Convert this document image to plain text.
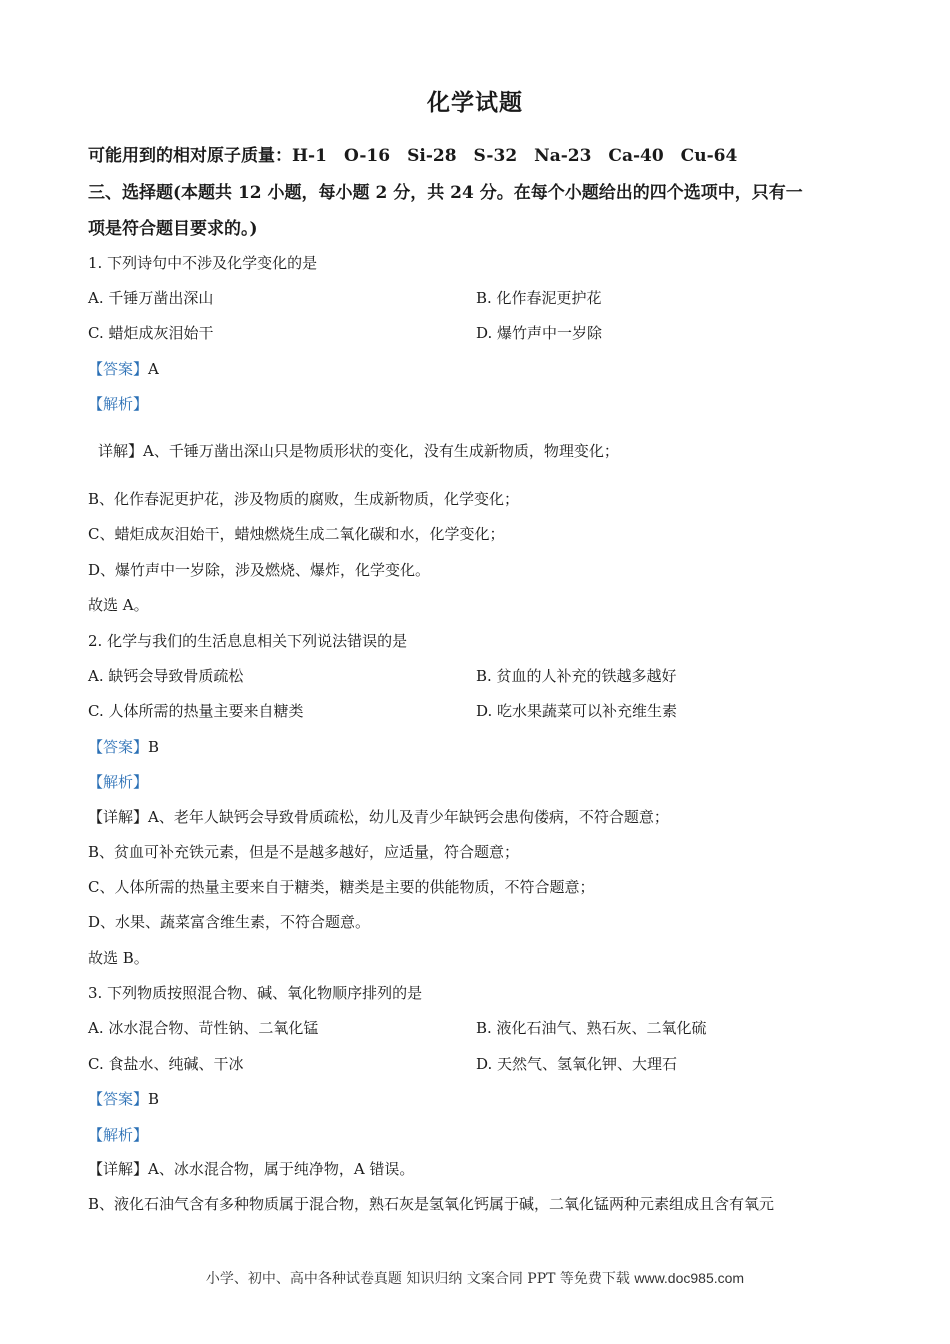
化学试题
可能用到的相对原子质量：H-1　O-16　Si-28　S-32　Na-23　Ca-40　Cu-64
三、选择题(本题共 12 小题，每小题 2 分，共 24 分。在每个小题给出的四个选项中，只有一
项是符合题目要求的。)
1. 下列诗句中不涉及化学变化的是
A. 千锤万凿出深山	B. 化作春泥更护花
C. 蜡炬成灰泪始干	D. 爆竹声中一岁除
【答案】A
【解析】
详解】A、千锤万凿出深山只是物质形状的变化，没有生成新物质，物理变化；
B、化作春泥更护花，涉及物质的腐败，生成新物质，化学变化；
C、蜡炬成灰泪始干，蜡烛燃烧生成二氧化碳和水，化学变化；
D、爆竹声中一岁除，涉及燃烧、爆炸，化学变化。
故选 A。
2. 化学与我们的生活息息相关下列说法错误的是
A. 缺钙会导致骨质疏松	B. 贫血的人补充的铁越多越好
C. 人体所需的热量主要来自糖类	D. 吃水果蔬菜可以补充维生素
【答案】B
【解析】
【详解】A、老年人缺钙会导致骨质疏松，幼儿及青少年缺钙会患佝偻病，不符合题意；
B、贫血可补充铁元素，但是不是越多越好，应适量，符合题意；
C、人体所需的热量主要来自于糖类，糖类是主要的供能物质，不符合题意；
D、水果、蔬菜富含维生素，不符合题意。
故选 B。
3. 下列物质按照混合物、碱、氧化物顺序排列的是
A. 冰水混合物、苛性钠、二氧化锰	B. 液化石油气、熟石灰、二氧化硫
C. 食盐水、纯碱、干冰	D. 天然气、氢氧化钾、大理石
【答案】B
【解析】
【详解】A、冰水混合物，属于纯净物，A 错误。
B、液化石油气含有多种物质属于混合物，熟石灰是氢氧化钙属于碱，二氧化锰两种元素组成且含有氧元
小学、初中、高中各种试卷真题 知识归纳 文案合同 PPT 等免费下载 www.doc985.com
